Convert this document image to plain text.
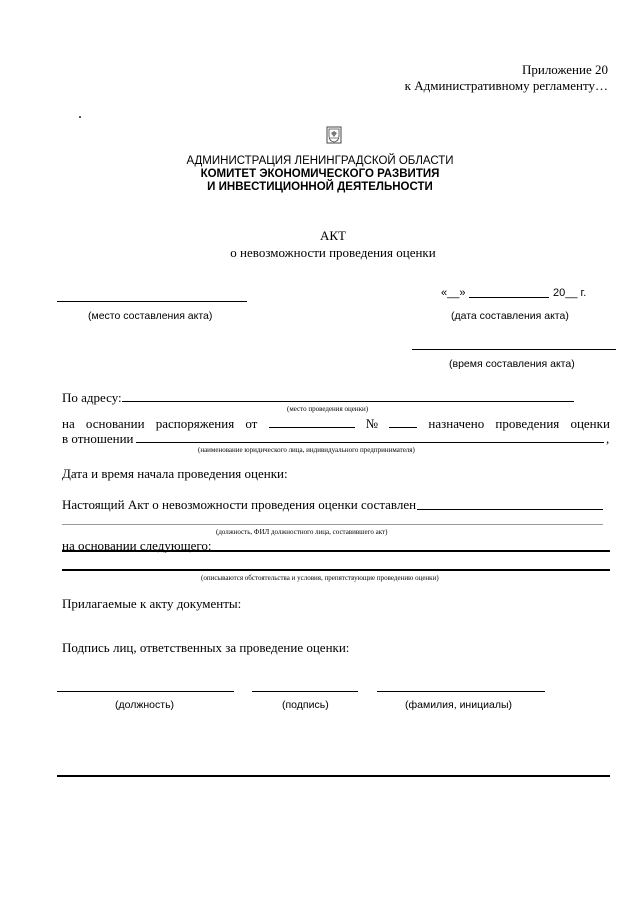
Приложение 20
к Административному регламенту…
АДМИНИСТРАЦИЯ ЛЕНИНГРАДСКОЙ ОБЛАСТИ
КОМИТЕТ ЭКОНОМИЧЕСКОГО РАЗВИТИЯ
И ИНВЕСТИЦИОННОЙ ДЕЯТЕЛЬНОСТИ
АКТ
о невозможности проведения оценки
«__»	20__ г.
(место составления акта)	(дата составления акта)
(время составления акта)
По адресу:
(место проведения оценки)
на основании распоряжения от	№	назначено проведения оценки
в отношении	,
(наименование юридического лица, индивидуального предпринимателя)
Дата и время начала проведения оценки:
Настоящий Акт о невозможности проведения оценки составлен
(должность, ФИЛ должностного лица, составившего акт)
на основании следующего:
(описываются обстоятельства и условия, препятствующие проведению оценки)
Прилагаемые к акту документы:
Подпись лиц, ответственных за проведение оценки:
(должность)	(подпись)	(фамилия, инициалы)
